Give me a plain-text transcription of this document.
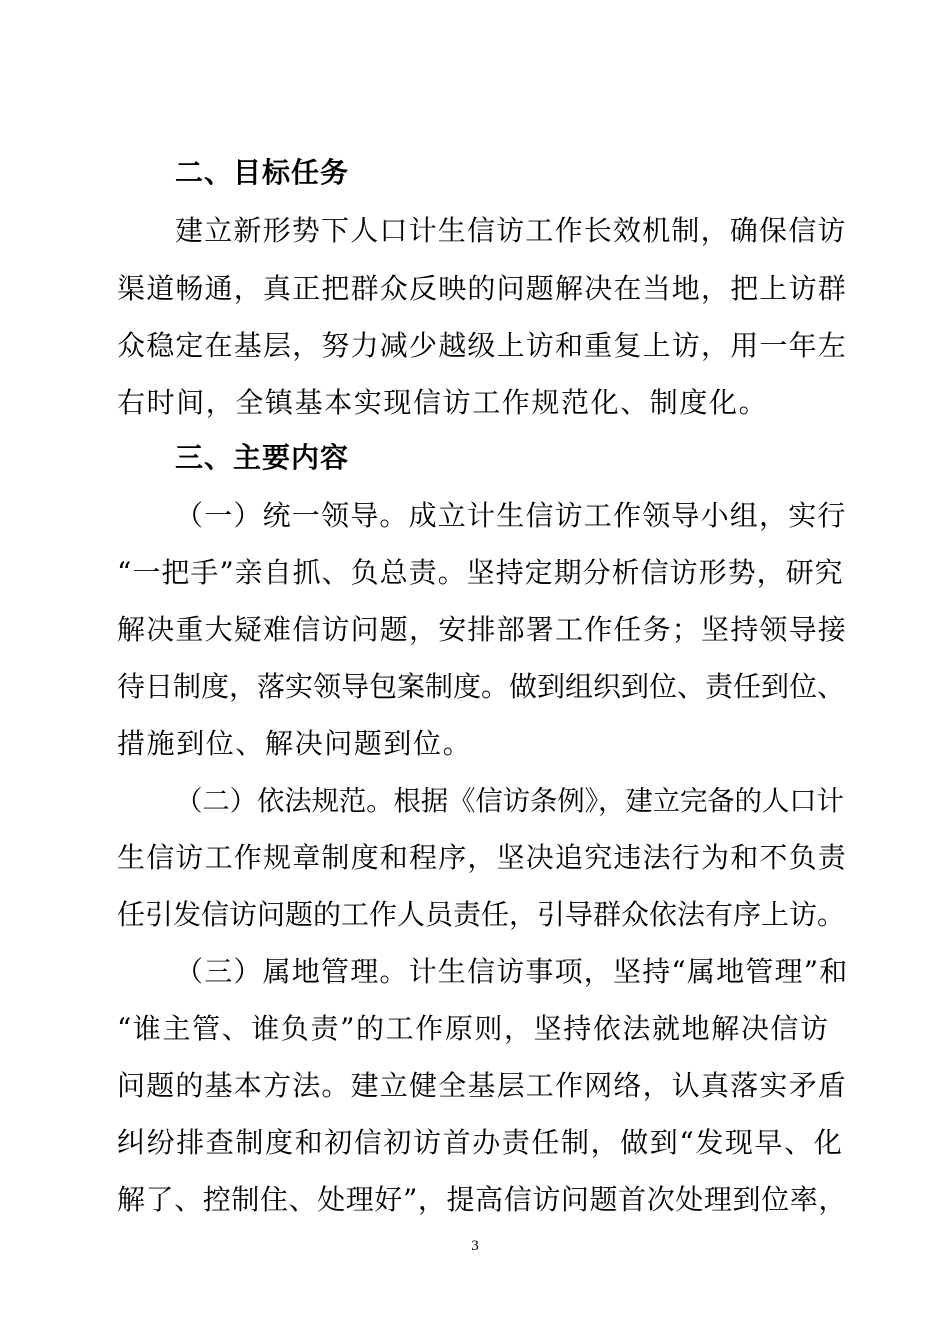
二、目标任务
建立新形势下人口计生信访工作长效机制，确保信访
渠道畅通，真正把群众反映的问题解决在当地，把上访群
众稳定在基层，努力减少越级上访和重复上访，用一年左
右时间，全镇基本实现信访工作规范化、制度化。
三、主要内容
（一）统一领导。成立计生信访工作领导小组，实行
“一把手”亲自抓、负总责。坚持定期分析信访形势，研究
解决重大疑难信访问题，安排部署工作任务；坚持领导接
待日制度，落实领导包案制度。做到组织到位、责任到位、
措施到位、解决问题到位。
（二）依法规范。根据《信访条例》，建立完备的人口计
生信访工作规章制度和程序，坚决追究违法行为和不负责
任引发信访问题的工作人员责任，引导群众依法有序上访。
（三）属地管理。计生信访事项，坚持“属地管理”和
“谁主管、谁负责”的工作原则，坚持依法就地解决信访
问题的基本方法。建立健全基层工作网络，认真落实矛盾
纠纷排查制度和初信初访首办责任制，做到“发现早、化
解了、控制住、处理好”，提高信访问题首次处理到位率，
3
